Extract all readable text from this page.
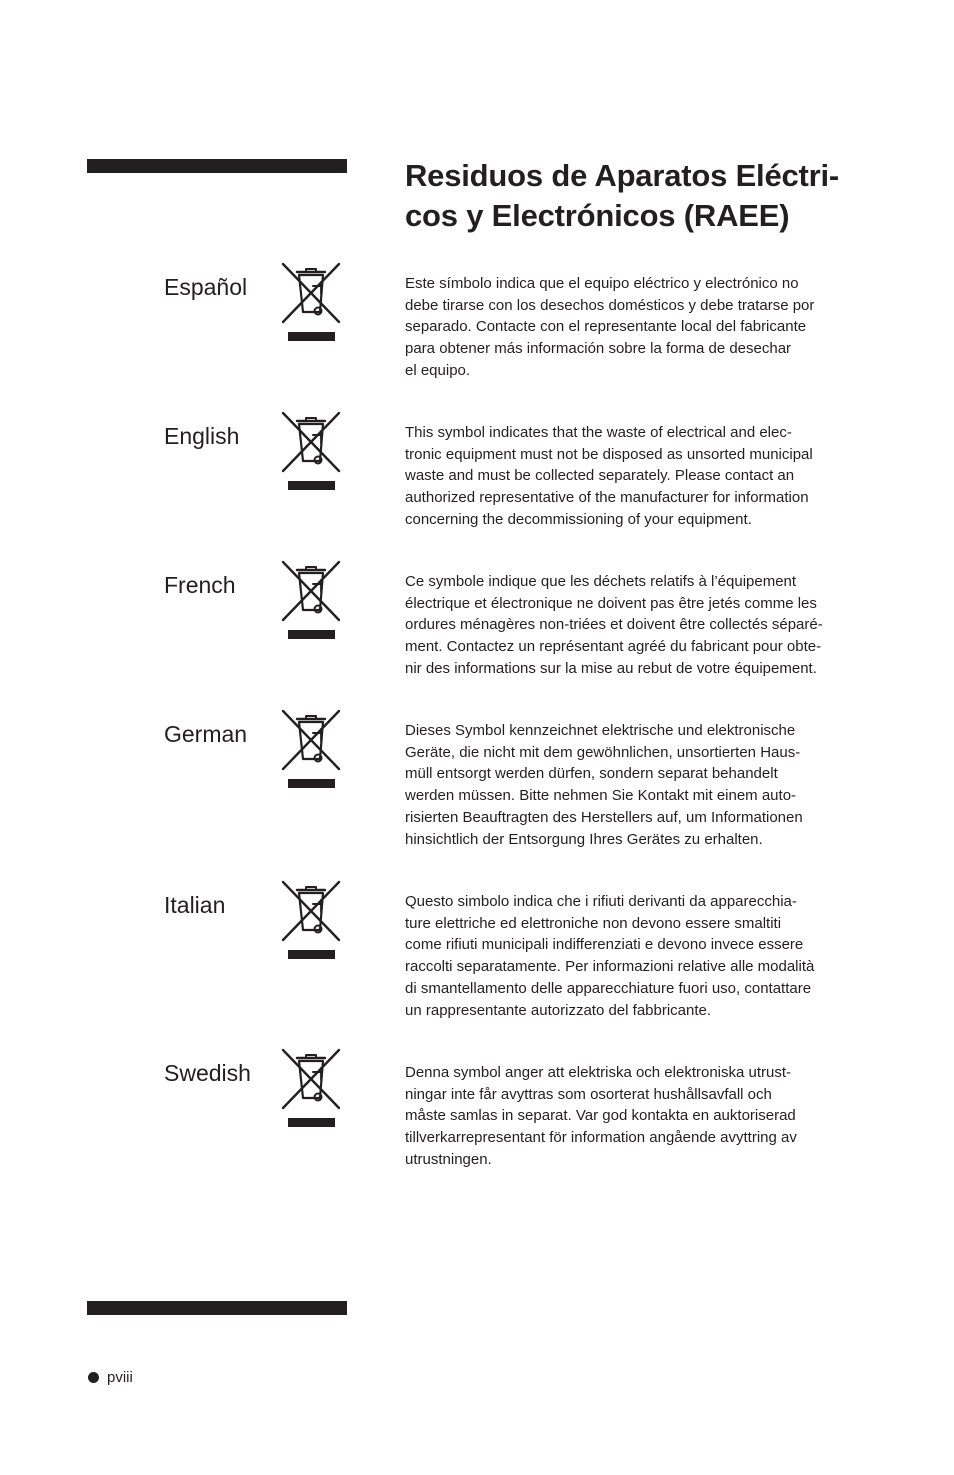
Residuos de Aparatos Eléctri-
cos y Electrónicos (RAEE)
Español	Este símbolo indica que el equipo eléctrico y electrónico no
debe tirarse con los desechos domésticos y debe tratarse por
separado. Contacte con el representante local del fabricante
para obtener más información sobre la forma de desechar
el equipo.

English	This symbol indicates that the waste of electrical and elec-
tronic equipment must not be disposed as unsorted municipal
waste and must be collected separately. Please contact an
authorized representative of the manufacturer for information
concerning the decommissioning of your equipment.

French	Ce symbole indique que les déchets relatifs à l’équipement
électrique et électronique ne doivent pas être jetés comme les
ordures ménagères non-triées et doivent être collectés séparé-
ment. Contactez un représentant agréé du fabricant pour obte-
nir des informations sur la mise au rebut de votre équipement.

German	Dieses Symbol kennzeichnet elektrische und elektronische
Geräte, die nicht mit dem gewöhnlichen, unsortierten Haus-
müll entsorgt werden dürfen, sondern separat behandelt
werden müssen. Bitte nehmen Sie Kontakt mit einem auto-
risierten Beauftragten des Herstellers auf, um Informationen
hinsichtlich der Entsorgung Ihres Gerätes zu erhalten.

Italian	Questo simbolo indica che i rifiuti derivanti da apparecchia-
ture elettriche ed elettroniche non devono essere smaltiti
come rifiuti municipali indifferenziati e devono invece essere
raccolti separatamente. Per informazioni relative alle modalità
di smantellamento delle apparecchiature fuori uso, contattare
un rappresentante autorizzato del fabbricante.

Swedish	Denna symbol anger att elektriska och elektroniska utrust-
ningar inte får avyttras som osorterat hushållsavfall och
måste samlas in separat. Var god kontakta en auktoriserad
tillverkarrepresentant för information angående avyttring av
utrustningen.

pviii
